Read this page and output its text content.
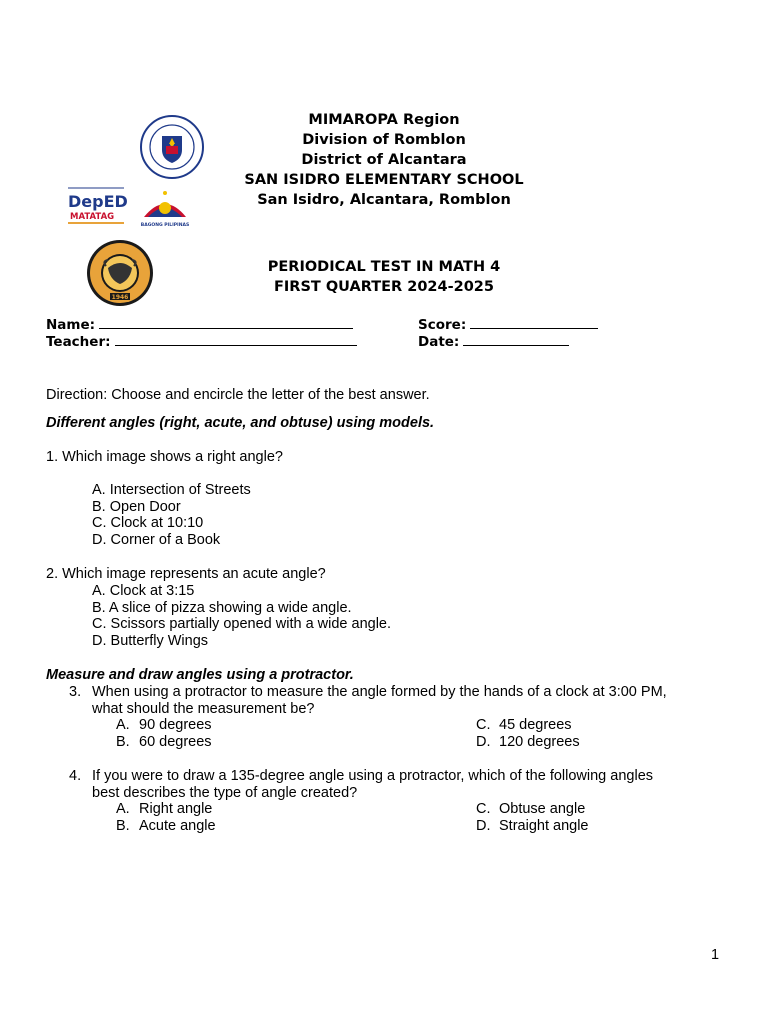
DepED
MATATAG
BAGONG PILIPINAS
1946
MIMAROPA Region
Division of Romblon
District of Alcantara
SAN ISIDRO ELEMENTARY SCHOOL
San Isidro, Alcantara, Romblon
PERIODICAL TEST IN MATH 4
FIRST QUARTER 2024-2025
Name:	Score:
Teacher:	Date:
Direction: Choose and encircle the letter of the best answer.
Different angles (right, acute, and obtuse) using models.
1. Which image shows a right angle?
A. Intersection of Streets
B. Open Door
C. Clock at 10:10
D. Corner of a Book
2. Which image represents an acute angle?
A. Clock at 3:15
B. A slice of pizza showing a wide angle.
C. Scissors partially opened with a wide angle.
D. Butterfly Wings
Measure and draw angles using a protractor.
3. When using a protractor to measure the angle formed by the hands of a clock at 3:00 PM,
what should the measurement be?
A. 90 degrees
B. 60 degrees
C. 45 degrees
D. 120 degrees
4. If you were to draw a 135-degree angle using a protractor, which of the following angles
best describes the type of angle created?
A. Right angle
B. Acute angle
C. Obtuse angle
D. Straight angle
1
